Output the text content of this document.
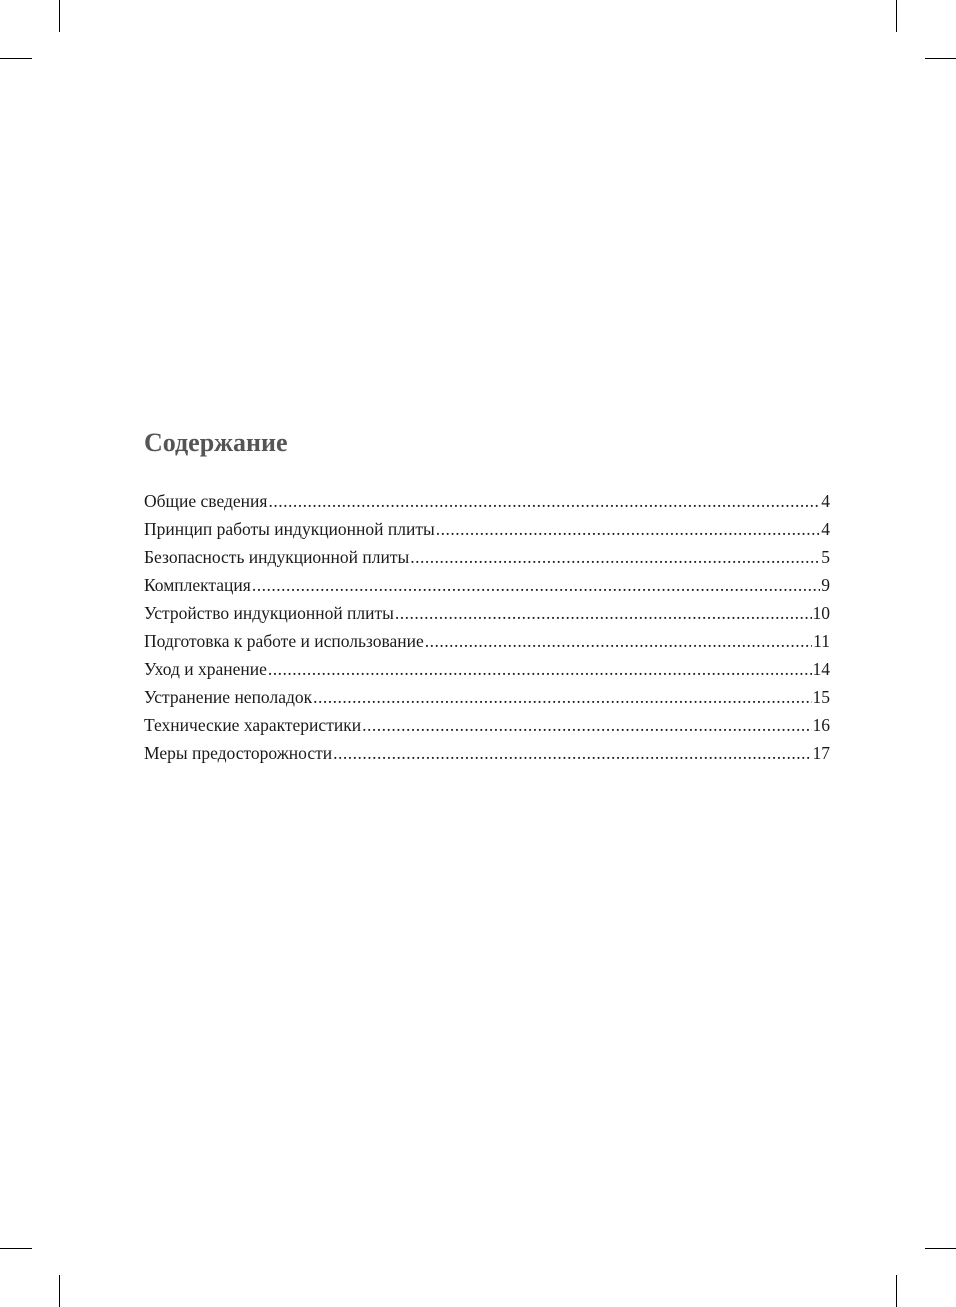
Содержание
Общие сведения .....	4
Принцип работы индукционной плиты .....	4
Безопасность индукционной плиты .....	5
Комплектация .....	9
Устройство индукционной плиты .....	10
Подготовка к работе и использование .....	11
Уход и хранение .....	14
Устранение неполадок .....	15
Технические характеристики .....	16
Меры предосторожности .....	17
